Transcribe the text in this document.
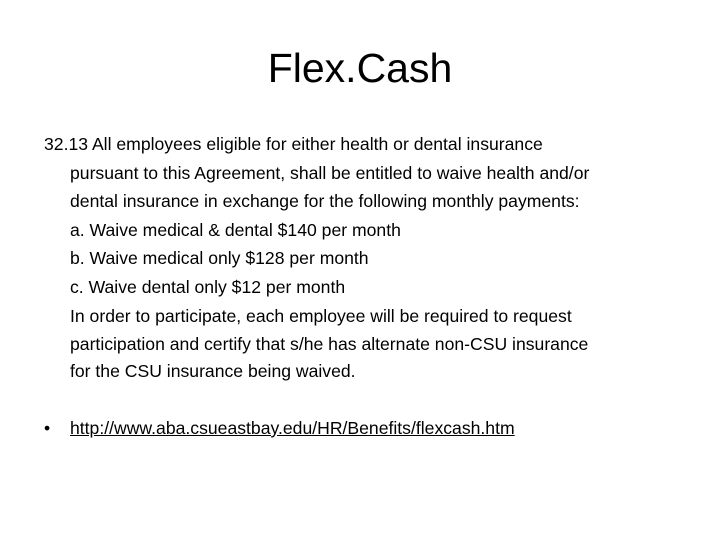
Flex.Cash
32.13 All employees eligible for either health or dental insurance
pursuant to this Agreement, shall be entitled to waive health and/or
dental insurance in exchange for the following monthly payments:
a. Waive medical & dental $140 per month
b. Waive medical only $128 per month
c. Waive dental only $12 per month
In order to participate, each employee will be required to request
participation and certify that s/he has alternate non-CSU insurance
for the CSU insurance being waived.
• http://www.aba.csueastbay.edu/HR/Benefits/flexcash.htm
